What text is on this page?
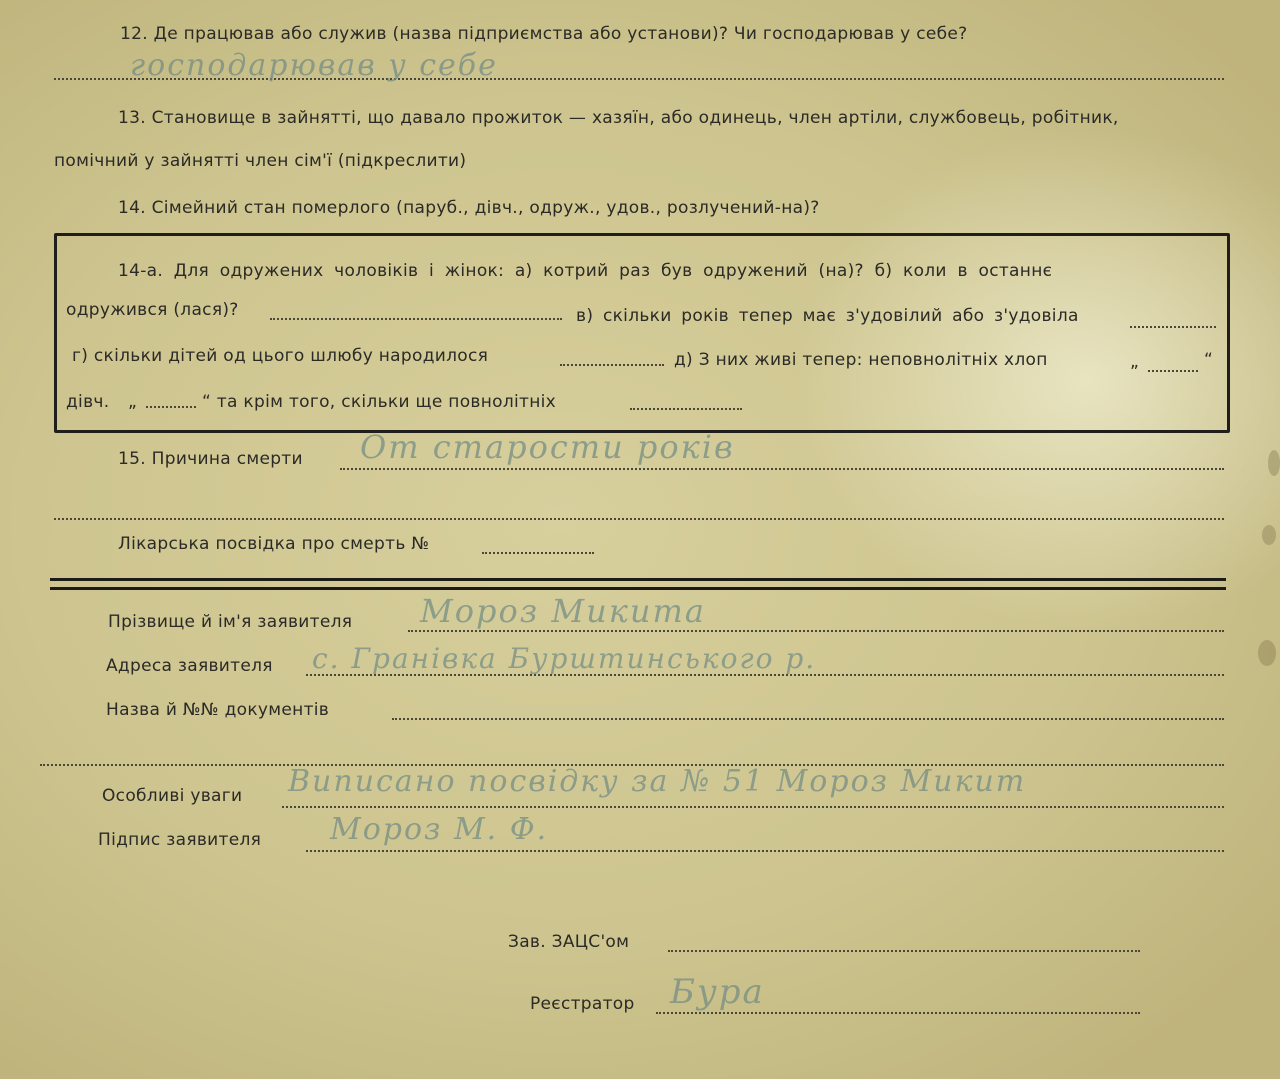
12. Де працював або служив (назва підприємства або установи)? Чи господарював у себе?
господарював у себе
13. Становище в зайнятті, що давало прожиток — хазяїн, або одинець, член артіли, службовець, робітник,
помічний у зайнятті член сім'ї (підкреслити)
14. Сімейний стан померлого (паруб., дівч., одруж., удов., розлучений-на)?
14-а. Для одружених чоловіків і жінок: а) котрий раз був одружений (на)? б) коли в останнє
одружився (лася)?	в) скільки років тепер має з'удовілий або з'удовіла
г) скільки дітей од цього шлюбу народилося	д) З них живі тепер: неповнолітніх хлоп	„	“
дівч. „	“ та крім того, скільки ще повнолітніх
15. Причина смерти От старости років
Лікарська посвідка про смерть №
Прізвище й ім'я заявителя Мороз Микита
Адреса заявителя с. Гранівка Бурштинського р.
Назва й №№ документів
Особливі уваги Виписано посвідку за № 51 Мороз Микит
Підпис заявителя Мороз М. Ф.
Зав. ЗАЦС'ом
Реєстратор Бура
